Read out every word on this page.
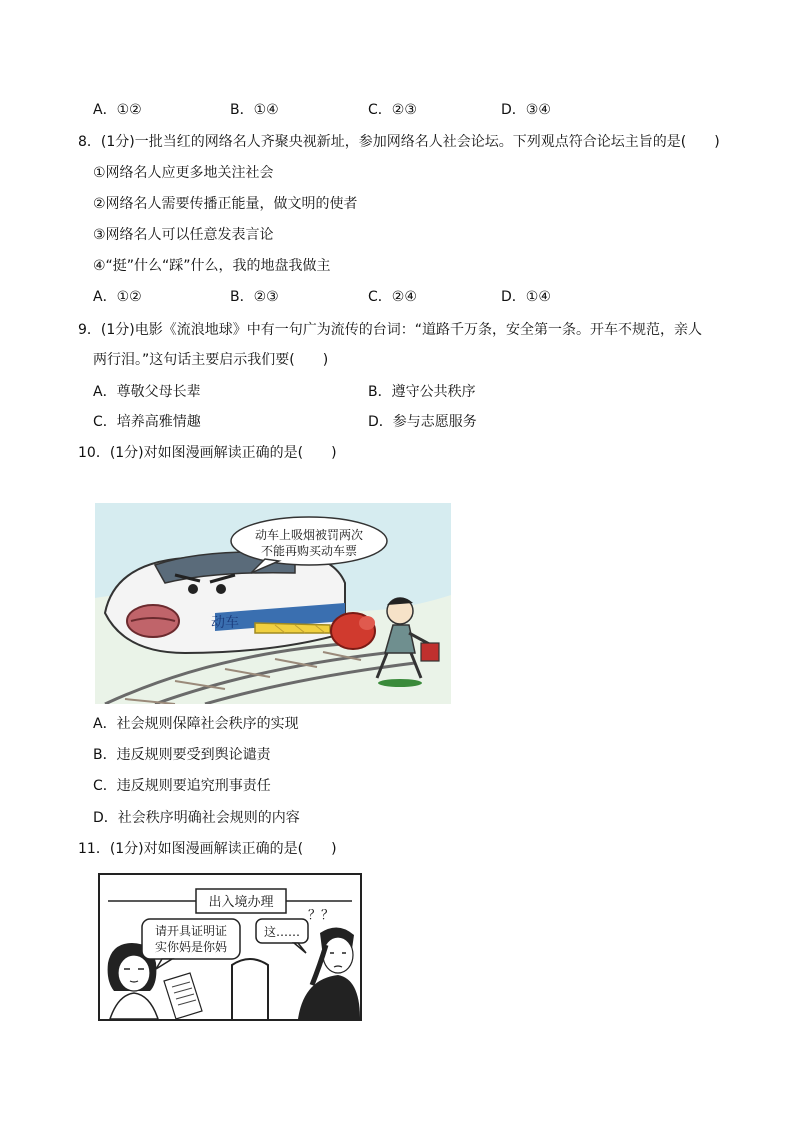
A．①②	B．①④	C．②③	D．③④
8．(1分)一批当红的网络名人齐聚央视新址，参加网络名人社会论坛。下列观点符合论坛主旨的是(　　)
①网络名人应更多地关注社会
②网络名人需要传播正能量，做文明的使者
③网络名人可以任意发表言论
④“挺”什么“踩”什么，我的地盘我做主
A．①②	B．②③	C．②④	D．①④
9．(1分)电影《流浪地球》中有一句广为流传的台词：“道路千万条，安全第一条。开车不规范，亲人
两行泪。”这句话主要启示我们要(　　)
A．尊敬父母长辈	B．遵守公共秩序
C．培养高雅情趣	D．参与志愿服务
10．(1分)对如图漫画解读正确的是(　　)
动车
动车上吸烟被罚两次
不能再购买动车票
A．社会规则保障社会秩序的实现
B．违反规则要受到舆论谴责
C．违反规则要追究刑事责任
D．社会秩序明确社会规则的内容
11．(1分)对如图漫画解读正确的是(　　)
出入境办理
请开具证明证
实你妈是你妈
这……
？？
